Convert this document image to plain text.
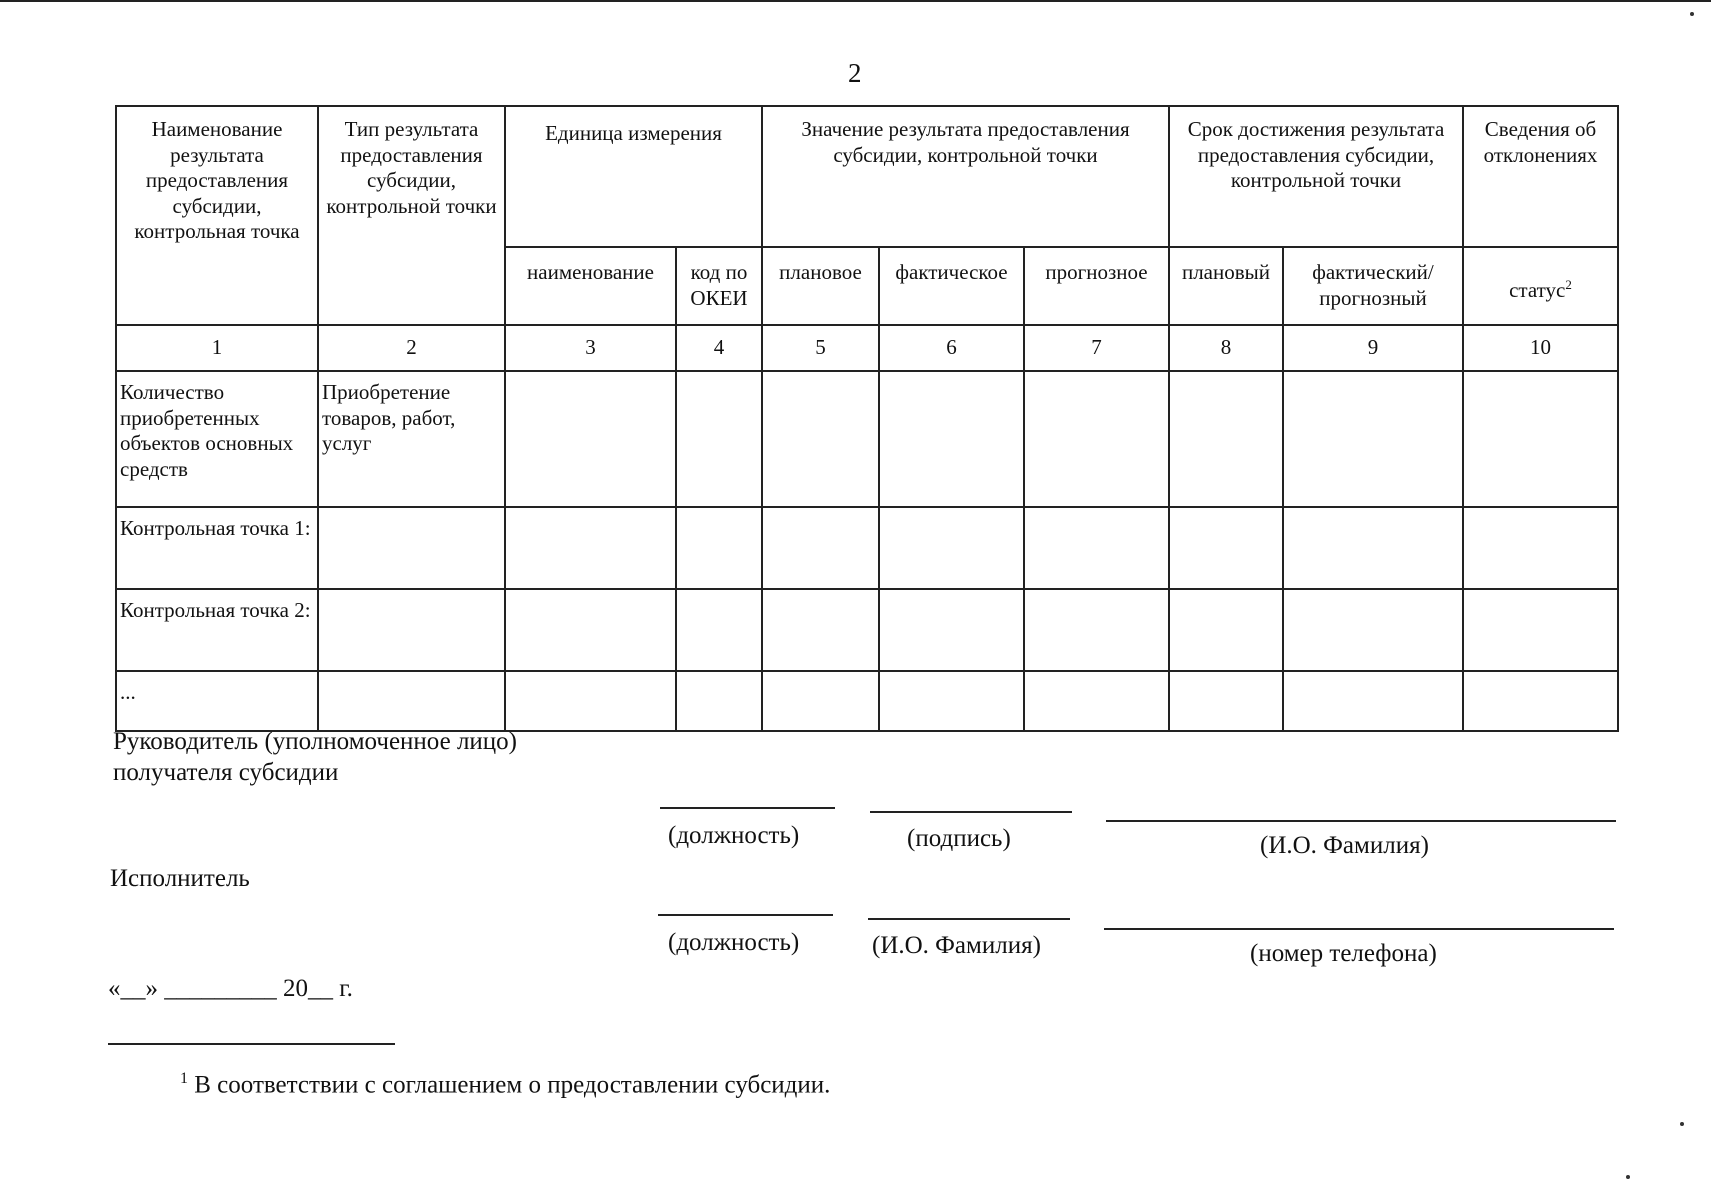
2
Наименование результата предоставления субсидии, контрольная точка	Тип результата предоставления субсидии, контрольной точки	Единица измерения		Значение результата предоставления субсидии, контрольной точки			Срок достижения результата предоставления субсидии, контрольной точки		Сведения об отклонениях
		наименование	код по ОКЕИ	плановое	фактическое	прогнозное	плановый	фактический/ прогнозный	статус$^2$
1	2	3	4	5	6	7	8	9	10
Количество приобретенных объектов основных средств	Приобретение товаров, работ, услуг								
Контрольная точка 1:									
Контрольная точка 2:									
...									
Руководитель (уполномоченное лицо)
получателя субсидии
(должность)	(подпись)	(И.О. Фамилия)
Исполнитель
(должность)	(И.О. Фамилия)	(номер телефона)
«__» _________ 20__ г.
$^1$ В соответствии с соглашением о предоставлении субсидии.
